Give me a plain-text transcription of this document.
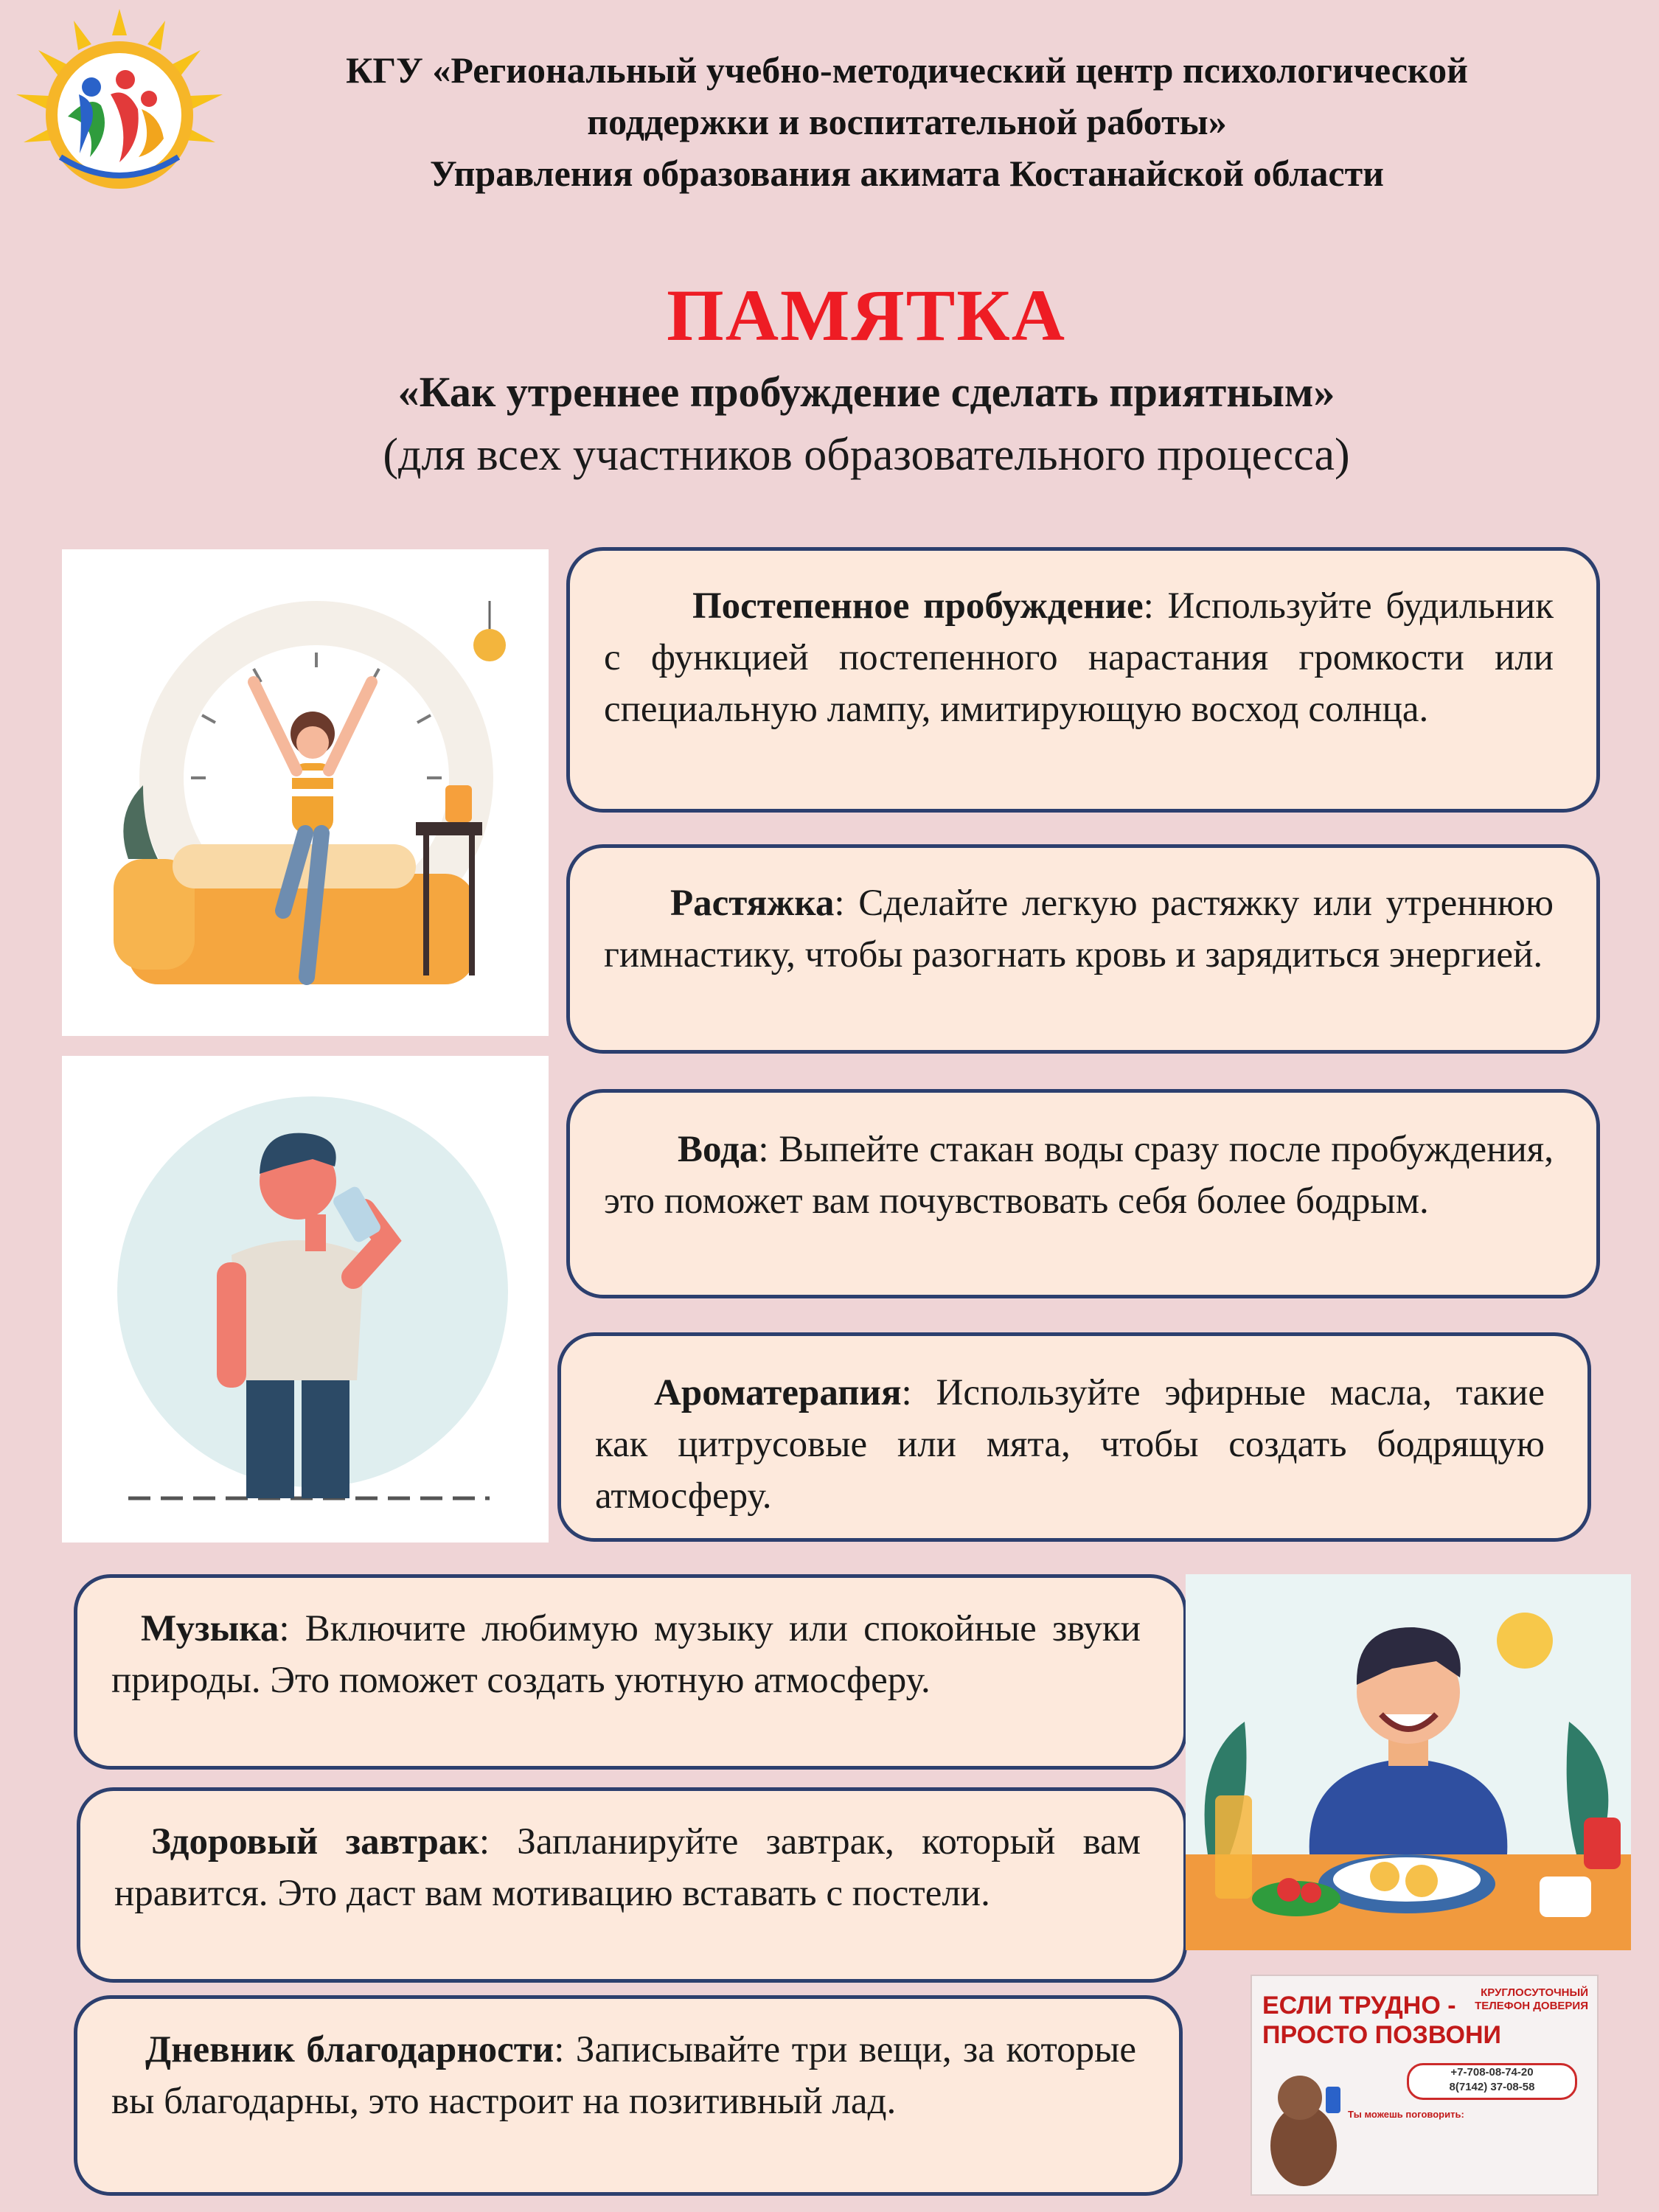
КГУ «Региональный учебно-методический центр психологической
поддержки и воспитательной работы»
Управления образования акимата Костанайской области
ПАМЯТКА
«Как утреннее пробуждение сделать приятным»
(для всех участников образовательного процесса)
Постепенное пробуждение: Используйте будильник с функцией постепенного нарастания громкости или специальную лампу, имитирующую восход солнца.
Растяжка: Сделайте легкую растяжку или утреннюю гимнастику, чтобы разогнать кровь и зарядиться энергией.
Вода: Выпейте стакан воды сразу после пробуждения, это поможет вам почувствовать себя более бодрым.
Ароматерапия: Используйте эфирные масла, такие как цитрусовые или мята, чтобы создать бодрящую атмосферу.
Музыка: Включите любимую музыку или спокойные звуки природы. Это поможет создать уютную атмосферу.
Здоровый завтрак: Запланируйте завтрак, который вам нравится. Это даст вам мотивацию вставать с постели.
Дневник благодарности: Записывайте три вещи, за которые вы благодарны, это настроит на позитивный лад.
ЕСЛИ ТРУДНО -
ПРОСТО ПОЗВОНИ
КРУГЛОСУТОЧНЫЙ
ТЕЛЕФОН ДОВЕРИЯ
+7-708-08-74-20
8(7142) 37-08-58
Ты можешь поговорить:
